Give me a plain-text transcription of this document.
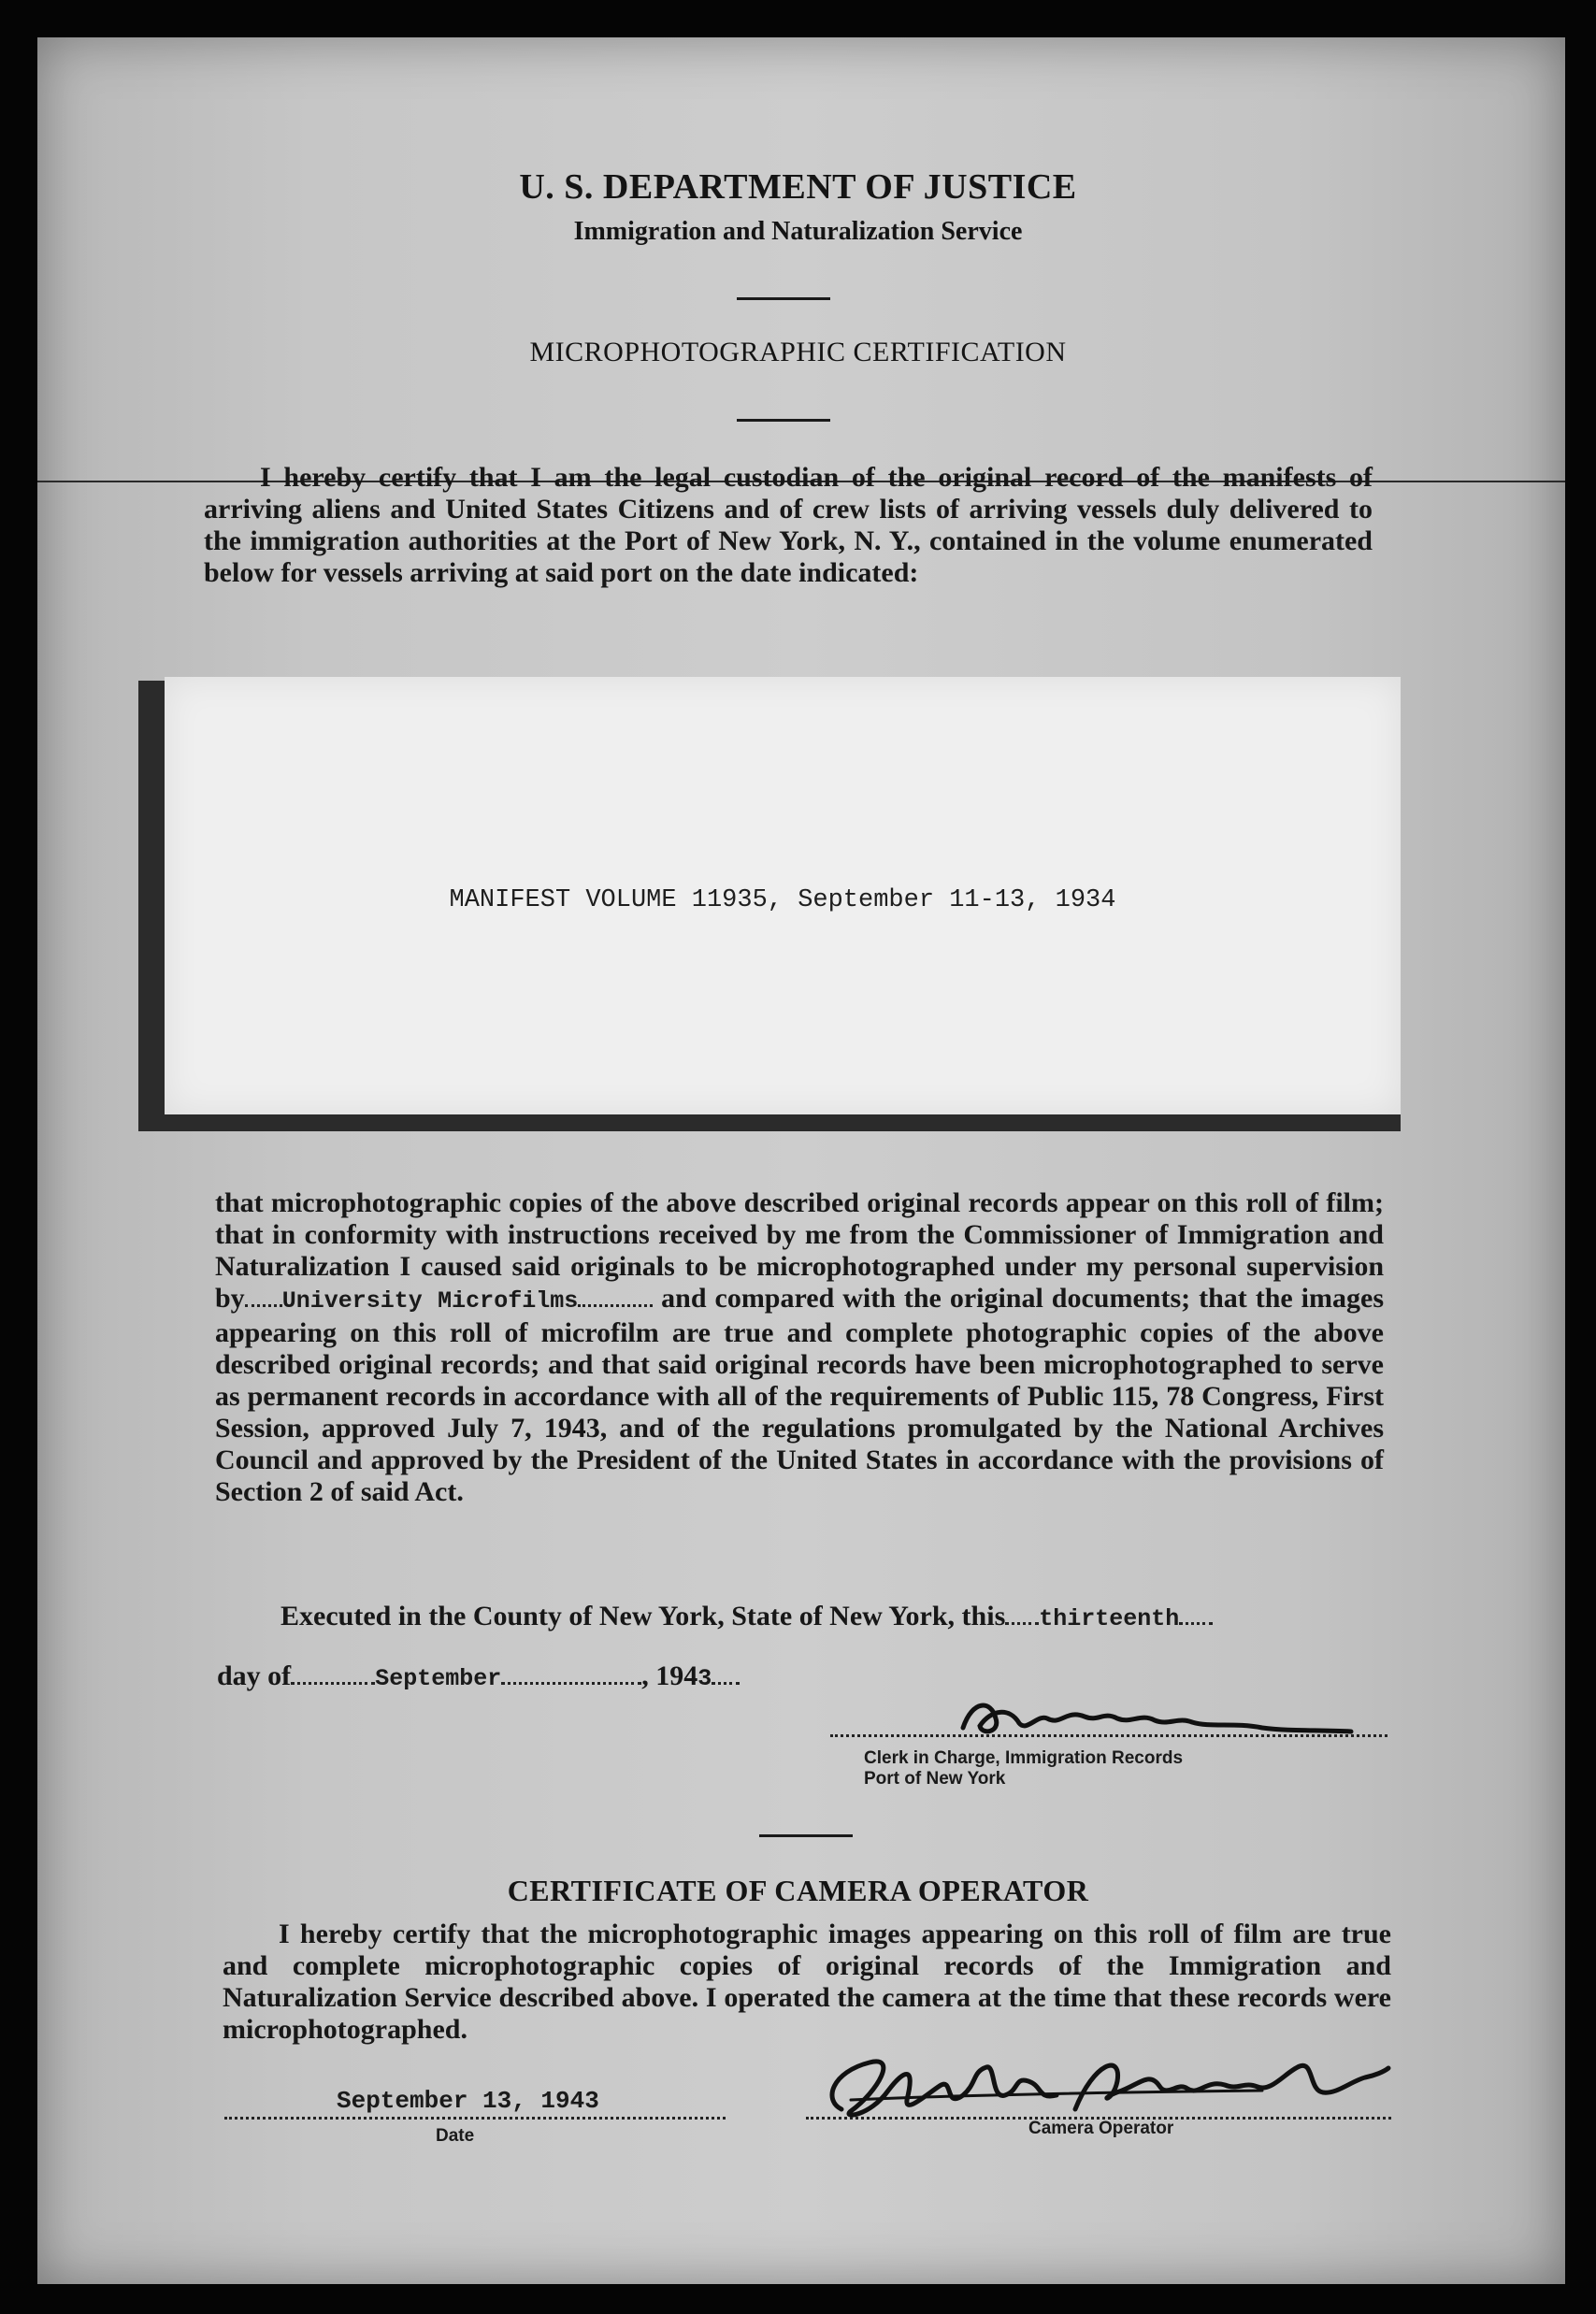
U. S. DEPARTMENT OF JUSTICE
Immigration and Naturalization Service
MICROPHOTOGRAPHIC CERTIFICATION
I hereby certify that I am the legal custodian of the original record of the manifests of arriving aliens and United States Citizens and of crew lists of arriving vessels duly delivered to the immigration authorities at the Port of New York, N. Y., contained in the volume enumerated below for vessels arriving at said port on the date indicated:
MANIFEST VOLUME 11935, September 11-13, 1934
that microphotographic copies of the above described original records appear on this roll of film; that in conformity with instructions received by me from the Commissioner of Immigration and Naturalization I caused said originals to be microphotographed under my personal supervision by University Microfilms	and compared with the original documents; that the images appearing on this roll of microfilm are true and complete photographic copies of the above described original records; and that said original records have been microphotographed to serve as permanent records in accordance with all of the requirements of Public 115, 78 Congress, First Session, approved July 7, 1943, and of the regulations promulgated by the National Archives Council and approved by the President of the United States in accordance with the provisions of Section 2 of said Act.
Executed in the County of New York, State of New York, this thirteenth
day of	September	, 1943
Clerk in Charge, Immigration Records
Port of New York
CERTIFICATE OF CAMERA OPERATOR
I hereby certify that the microphotographic images appearing on this roll of film are true and complete microphotographic copies of original records of the Immigration and Naturalization Service described above. I operated the camera at the time that these records were microphotographed.
September 13, 1943
Date	Camera Operator
